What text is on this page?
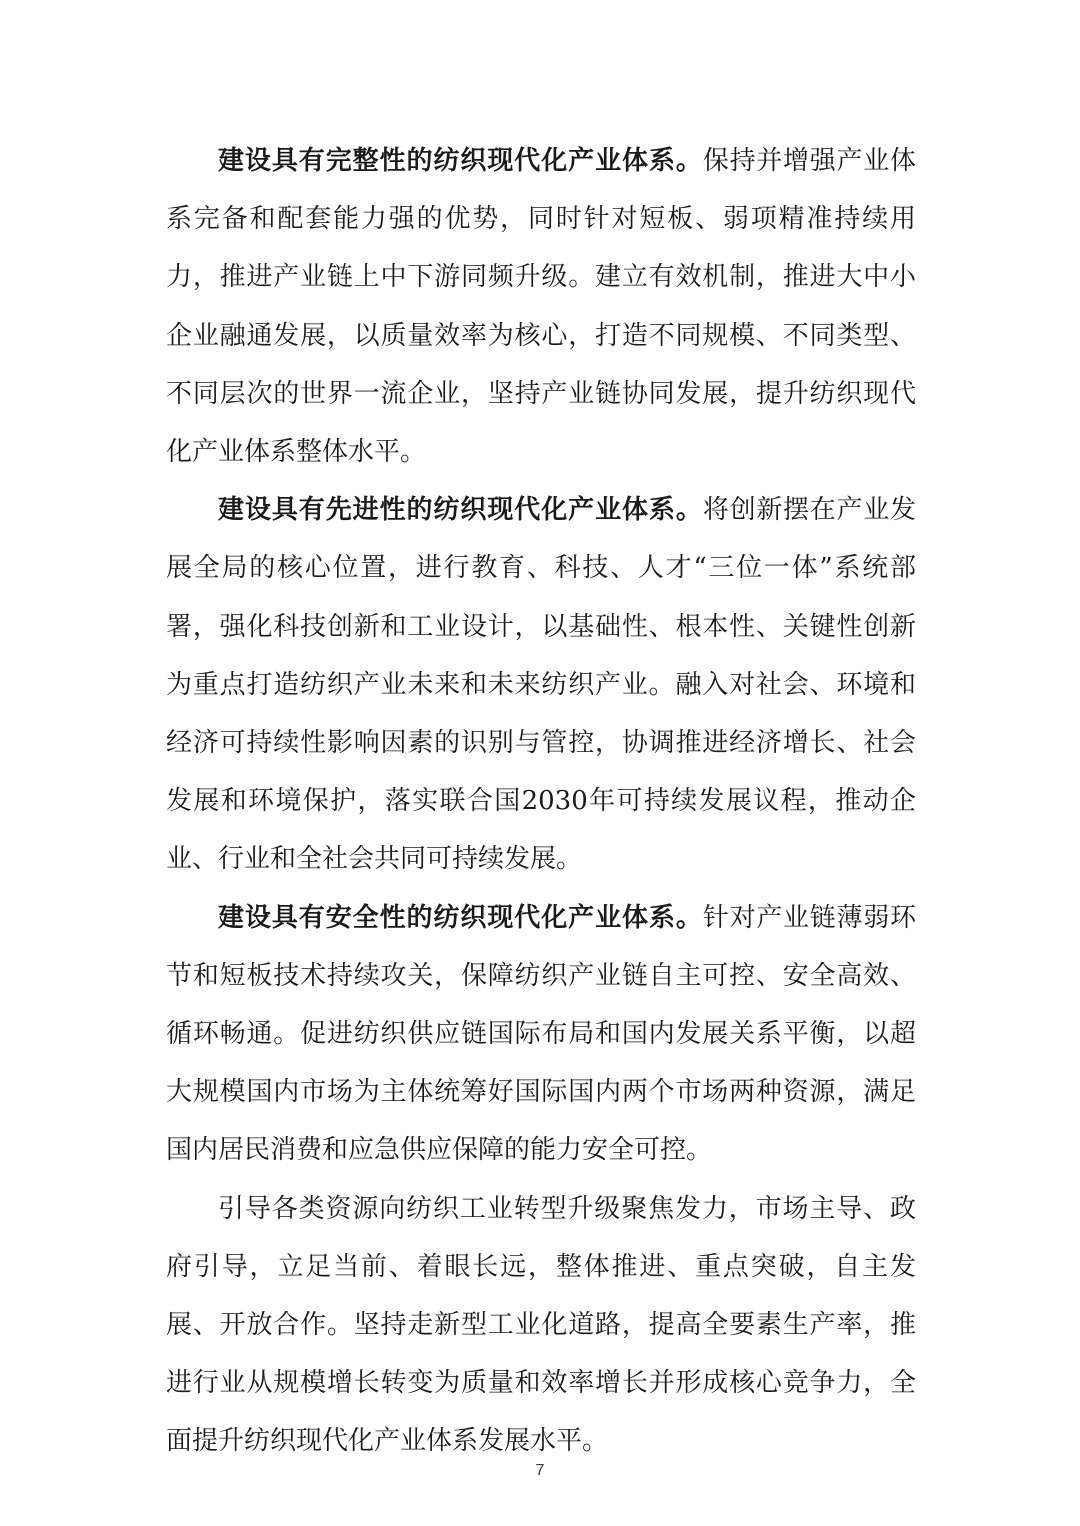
建设具有完整性的纺织现代化产业体系。保持并增强产业体系完备和配套能力强的优势，同时针对短板、弱项精准持续用力，推进产业链上中下游同频升级。建立有效机制，推进大中小企业融通发展，以质量效率为核心，打造不同规模、不同类型、不同层次的世界一流企业，坚持产业链协同发展，提升纺织现代化产业体系整体水平。

建设具有先进性的纺织现代化产业体系。将创新摆在产业发展全局的核心位置，进行教育、科技、人才“三位一体”系统部署，强化科技创新和工业设计，以基础性、根本性、关键性创新为重点打造纺织产业未来和未来纺织产业。融入对社会、环境和经济可持续性影响因素的识别与管控，协调推进经济增长、社会发展和环境保护，落实联合国2030年可持续发展议程，推动企业、行业和全社会共同可持续发展。

建设具有安全性的纺织现代化产业体系。针对产业链薄弱环节和短板技术持续攻关，保障纺织产业链自主可控、安全高效、循环畅通。促进纺织供应链国际布局和国内发展关系平衡，以超大规模国内市场为主体统筹好国际国内两个市场两种资源，满足国内居民消费和应急供应保障的能力安全可控。

引导各类资源向纺织工业转型升级聚焦发力，市场主导、政府引导，立足当前、着眼长远，整体推进、重点突破，自主发展、开放合作。坚持走新型工业化道路，提高全要素生产率，推进行业从规模增长转变为质量和效率增长并形成核心竞争力，全面提升纺织现代化产业体系发展水平。

7
